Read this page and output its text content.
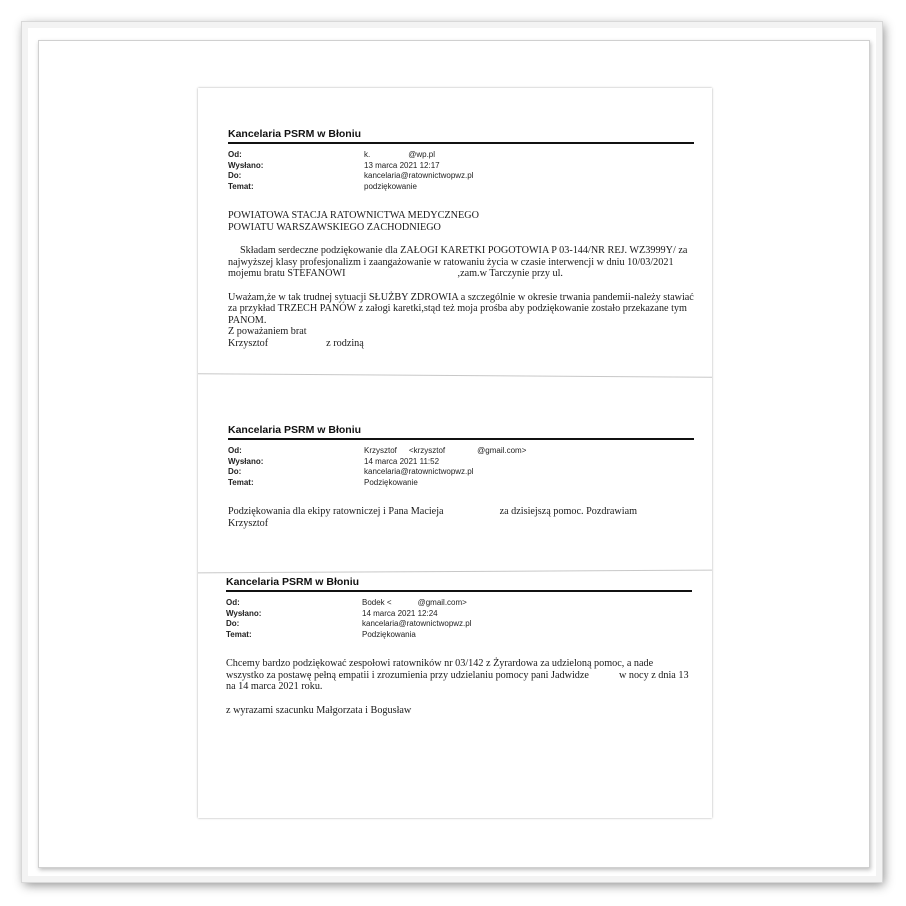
Kancelaria PSRM w Błoniu
Od:	k.	@wp.pl
Wysłano:	13 marca 2021 12:17
Do:	kancelaria@ratownictwopwz.pl
Temat:	podziękowanie

POWIATOWA STACJA RATOWNICTWA MEDYCZNEGO

POWIATU WARSZAWSKIEGO ZACHODNIEGO

Składam serdeczne podziękowanie dla ZAŁOGI KARETKI POGOTOWIA P 03-144/NR REJ. WZ3999Y/ za najwyższej klasy profesjonalizm i zaangażowanie w ratowaniu życia w czasie interwencji w dniu 10/03/2021 mojemu bratu STEFANOWI	,zam.w Tarczynie przy ul.

Uważam,że w tak trudnej sytuacji SŁUŻBY ZDROWIA a szczególnie w okresie trwania pandemii-należy stawiać za przykład TRZECH PANÓW z załogi karetki,stąd też moja prośba aby podziękowanie zostało przekazane tym PANOM.

Z poważaniem brat

Krzysztof	z rodziną

Kancelaria PSRM w Błoniu
Od:	Krzysztof <krzysztof	@gmail.com>
Wysłano:	14 marca 2021 11:52
Do:	kancelaria@ratownictwopwz.pl
Temat:	Podziękowanie

Podziękowania dla ekipy ratowniczej i Pana Macieja	za dzisiejszą pomoc. Pozdrawiam

Krzysztof

Kancelaria PSRM w Błoniu
Od:	Bodek <	@gmail.com>
Wysłano:	14 marca 2021 12:24
Do:	kancelaria@ratownictwopwz.pl
Temat:	Podziękowania

Chcemy bardzo podziękować zespołowi ratowników nr 03/142 z Żyrardowa za udzieloną pomoc, a nade wszystko za postawę pełną empatii i zrozumienia przy udzielaniu pomocy pani Jadwidze	w nocy z dnia 13 na 14 marca 2021 roku.

z wyrazami szacunku Małgorzata i Bogusław
